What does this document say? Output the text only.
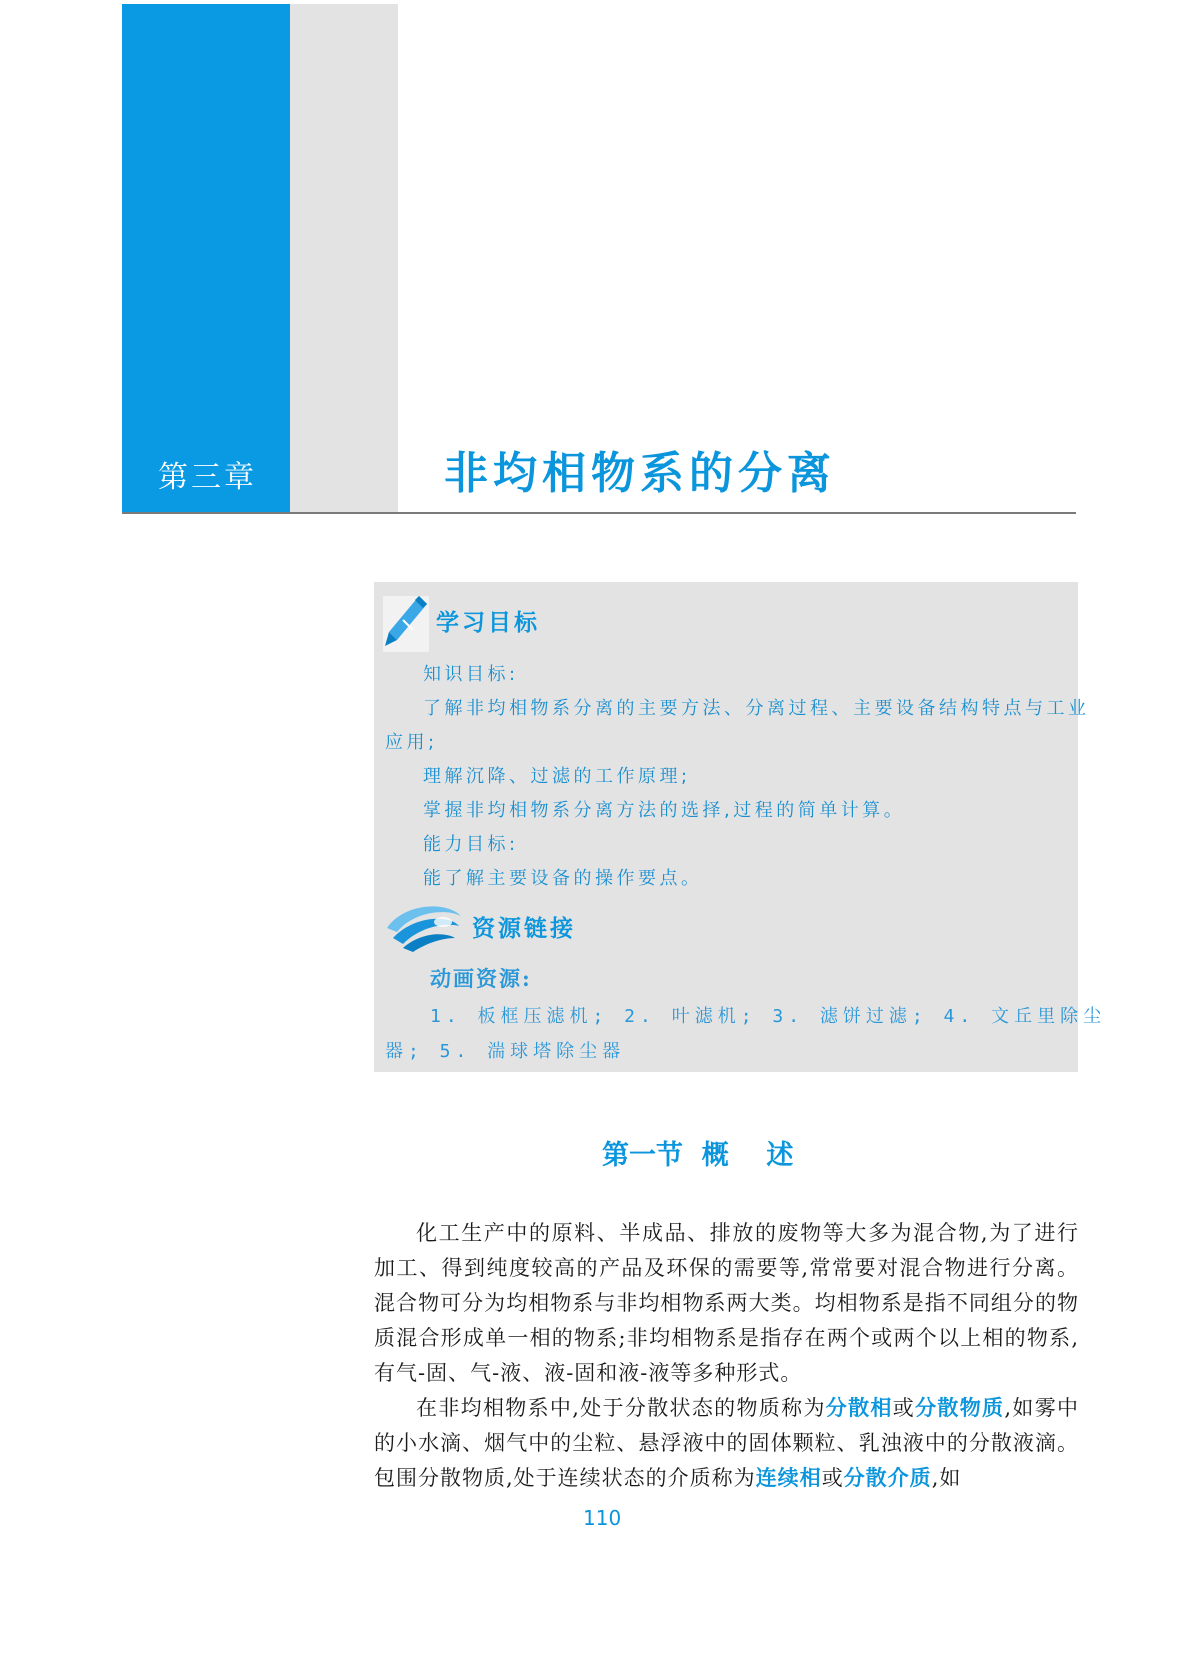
第三章	非均相物系的分离
学习目标
知识目标:
了解非均相物系分离的主要方法、分离过程、主要设备结构特点与工业
应用;
理解沉降、过滤的工作原理;
掌握非均相物系分离方法的选择,过程的简单计算。
能力目标:
能了解主要设备的操作要点。
资源链接
动画资源:
1. 板框压滤机; 2. 叶滤机; 3. 滤饼过滤; 4. 文丘里除尘
器; 5. 湍球塔除尘器
第一节  概    述

化工生产中的原料、半成品、排放的废物等大多为混合物,为了进行加工、得到纯度较高的产品及环保的需要等,常常要对混合物进行分离。混合物可分为均相物系与非均相物系两大类。均相物系是指不同组分的物质混合形成单一相的物系;非均相物系是指存在两个或两个以上相的物系,有气-固、气-液、液-固和液-液等多种形式。

在非均相物系中,处于分散状态的物质称为分散相或分散物质,如雾中的小水滴、烟气中的尘粒、悬浮液中的固体颗粒、乳浊液中的分散液滴。包围分散物质,处于连续状态的介质称为连续相或分散介质,如

110
